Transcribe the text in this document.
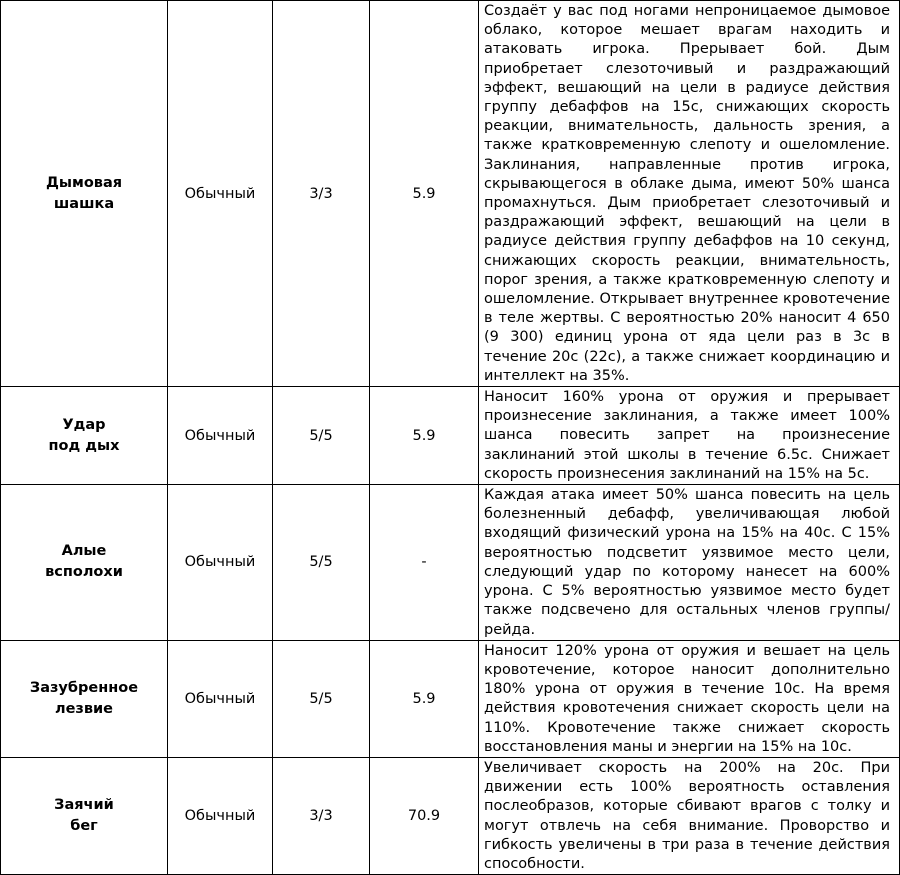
Дымовая
шашка	Обычный	3/3	5.9	Создаёт у вас под ногами непроницаемое дымовое облако, которое мешает врагам находить и атаковать игрока. Прерывает бой. Дым приобретает слезоточивый и раздражающий эффект, вешающий на цели в радиусе действия группу дебаффов на 15с, снижающих скорость реакции, внимательность, дальность зрения, а также кратковременную слепоту и ошеломление. Заклинания, направленные против игрока, скрывающегося в облаке дыма, имеют 50% шанса промахнуться. Дым приобретает слезоточивый и раздражающий эффект, вешающий на цели в радиусе действия группу дебаффов на 10 секунд, снижающих скорость реакции, внимательность, порог зрения, а также кратковременную слепоту и ошеломление. Открывает внутреннее кровотечение в теле жертвы. С вероятностью 20% наносит 4 650 (9 300) единиц урона от яда цели раз в 3с в течение 20с (22с), а также снижает координацию и интеллект на 35%.

Удар
под дых	Обычный	5/5	5.9	Наносит 160% урона от оружия и прерывает произнесение заклинания, а также имеет 100% шанса повесить запрет на произнесение заклинаний этой школы в течение 6.5с. Снижает скорость произнесения заклинаний на 15% на 5с.

Алые
всполохи	Обычный	5/5	-	Каждая атака имеет 50% шанса повесить на цель болезненный дебафф, увеличивающая любой входящий физический урона на 15% на 40с. С 15% вероятностью подсветит уязвимое место цели, следующий удар по которому нанесет на 600% урона. С 5% вероятностью уязвимое место будет также подсвечено для остальных членов группы/рейда.

Зазубренное
лезвие	Обычный	5/5	5.9	Наносит 120% урона от оружия и вешает на цель кровотечение, которое наносит дополнительно 180% урона от оружия в течение 10с. На время действия кровотечения снижает скорость цели на 110%. Кровотечение также снижает скорость восстановления маны и энергии на 15% на 10с.

Заячий
бег	Обычный	3/3	70.9	Увеличивает скорость на 200% на 20с. При движении есть 100% вероятность оставления послеобразов, которые сбивают врагов с толку и могут отвлечь на себя внимание. Проворство и гибкость увеличены в три раза в течение действия способности.
